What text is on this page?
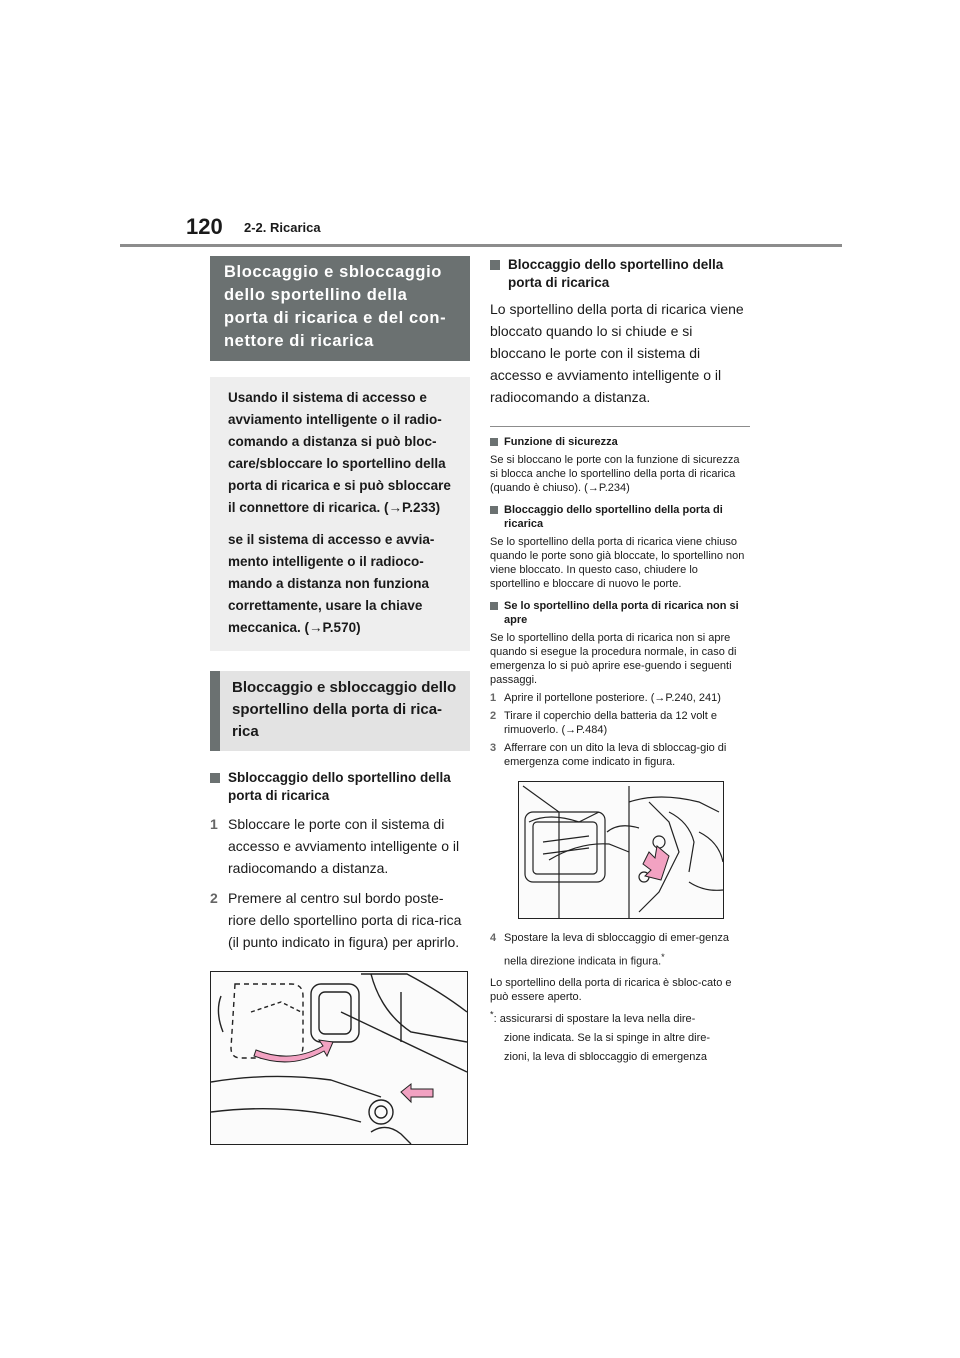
120 2-2. Ricarica
Bloccaggio e sbloccaggio dello sportellino della porta di ricarica e del con-nettore di ricarica

Usando il sistema di accesso e avviamento intelligente o il radio-comando a distanza si può bloc-care/sbloccare lo sportellino della porta di ricarica e si può sbloccare il connettore di ricarica. (→P.233)

se il sistema di accesso e avvia-mento intelligente o il radioco-mando a distanza non funziona correttamente, usare la chiave meccanica. (→P.570)

Bloccaggio e sbloccaggio dello sportellino della porta di rica-rica
Sbloccaggio dello sportellino della porta di ricarica
1 Sbloccare le porte con il sistema di accesso e avviamento intelligente o il radiocomando a distanza.
2 Premere al centro sul bordo poste-riore dello sportellino porta di rica-rica (il punto indicato in figura) per aprirlo.
Bloccaggio dello sportellino della porta di ricarica

Lo sportellino della porta di ricarica viene bloccato quando lo si chiude e si bloccano le porte con il sistema di accesso e avviamento intelligente o il radiocomando a distanza.

Funzione di sicurezza

Se si bloccano le porte con la funzione di sicurezza si blocca anche lo sportellino della porta di ricarica (quando è chiuso). (→P.234)

Bloccaggio dello sportellino della porta di ricarica

Se lo sportellino della porta di ricarica viene chiuso quando le porte sono già bloccate, lo sportellino non viene bloccato. In questo caso, chiudere lo sportellino e bloccare di nuovo le porte.

Se lo sportellino della porta di ricarica non si apre

Se lo sportellino della porta di ricarica non si apre quando si esegue la procedura normale, in caso di emergenza lo si può aprire ese-guendo i seguenti passaggi.

1 Aprire il portellone posteriore. (→P.240, 241)
2 Tirare il coperchio della batteria da 12 volt e rimuoverlo. (→P.484)
3 Afferrare con un dito la leva di sbloccag-gio di emergenza come indicato in figura.
4 Spostare la leva di sbloccaggio di emer-genza nella direzione indicata in figura.*

Lo sportellino della porta di ricarica è sbloc-cato e può essere aperto.

*: assicurarsi di spostare la leva nella dire-
zione indicata. Se la si spinge in altre dire-
zioni, la leva di sbloccaggio di emergenza
